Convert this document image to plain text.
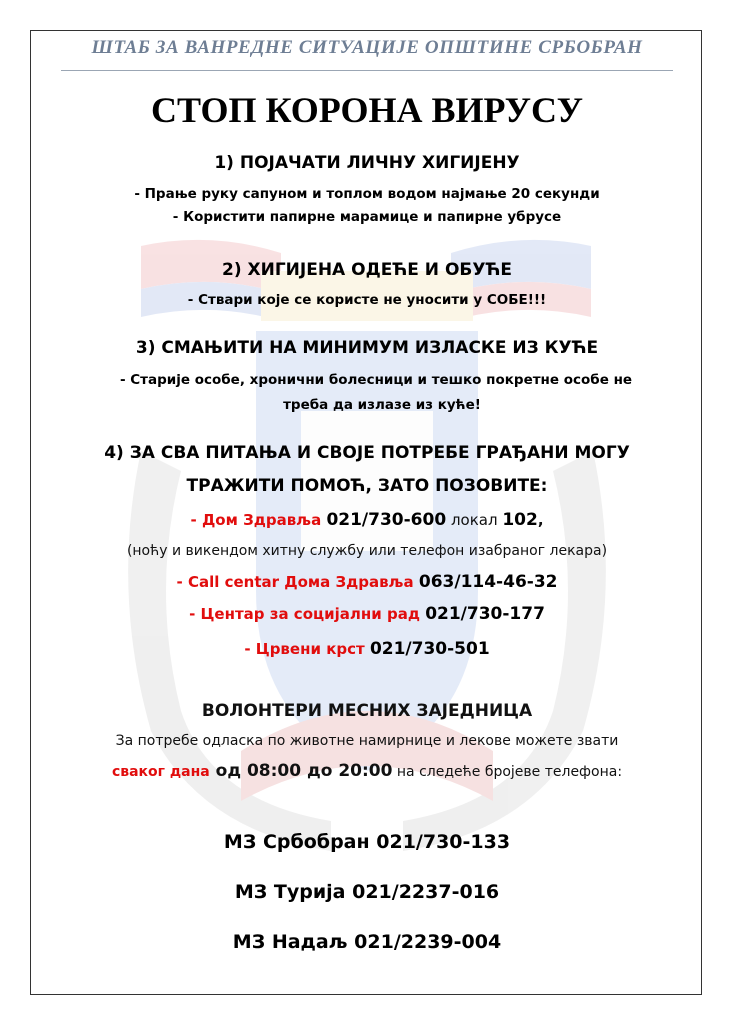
ШТАБ ЗА ВАНРЕДНЕ СИТУАЦИЈЕ ОПШТИНЕ СРБОБРАН
СТОП КОРОНА ВИРУСУ
1) ПОЈАЧАТИ ЛИЧНУ ХИГИЈЕНУ
- Прање руку сапуном и топлом водом најмање 20 секунди
- Користити папирне марамице и папирне убрусе
2) ХИГИЈЕНА ОДЕЋЕ И ОБУЋЕ
- Ствари које се користе не уносити у СОБЕ!!!
3) СМАЊИТИ НА МИНИМУМ ИЗЛАСКЕ ИЗ КУЋЕ
- Старије особе, хронични болесници и тешко покретне особе не
треба да излазе из куће!
4) ЗА СВА ПИТАЊА И СВОЈЕ ПОТРЕБЕ ГРАЂАНИ МОГУ
ТРАЖИТИ ПОМОЋ, ЗАТО ПОЗОВИТЕ:
- Дом Здравља 021/730-600 локал 102,
(ноћу и викендом хитну службу или телефон изабраног лекара)
- Call centar Дома Здравља 063/114-46-32
- Центар за социјални рад 021/730-177
- Црвени крст 021/730-501
ВОЛОНТЕРИ МЕСНИХ ЗАЈЕДНИЦА
За потребе одласка по животне намирнице и лекове можете звати
сваког дана од 08:00 до 20:00 на следеће бројеве телефона:
МЗ Србобран 021/730-133
МЗ Турија 021/2237-016
МЗ Надаљ 021/2239-004
